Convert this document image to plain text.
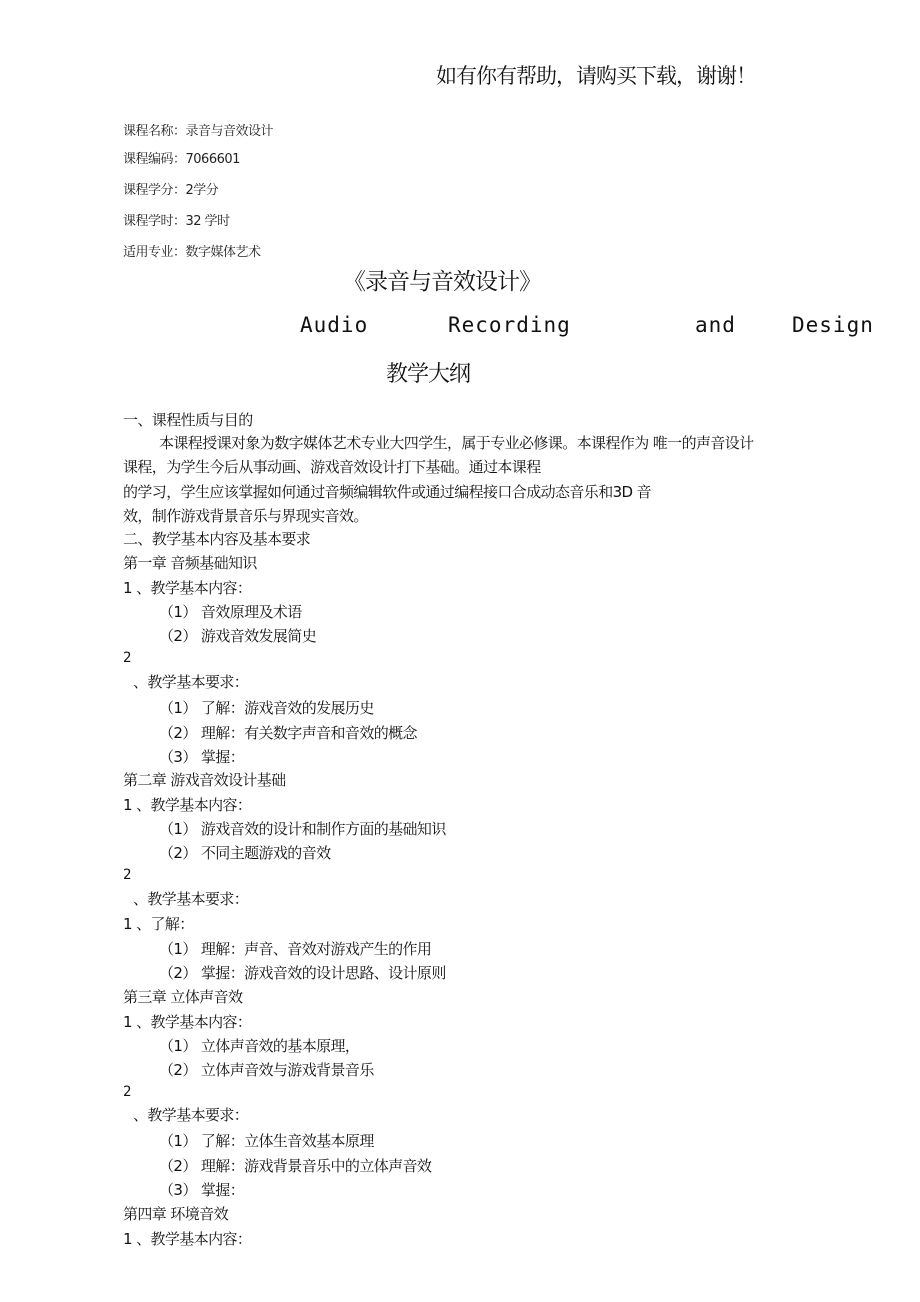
如有你有帮助，请购买下载，谢谢！

课程名称：录音与音效设计

课程编码：7066601

课程学分：2学分

课程学时：32 学时

适用专业：数字媒体艺术

《录音与音效设计》

Audio	Recording	and	Design

教学大纲

一、课程性质与目的

本课程授课对象为数字媒体艺术专业大四学生，属于专业必修课。本课程作为 唯一的声音设计

课程，为学生今后从事动画、游戏音效设计打下基础。通过本课程

的学习，学生应该掌握如何通过音频编辑软件或通过编程接口合成动态音乐和3D 音

效，制作游戏背景音乐与界现实音效。

二、教学基本内容及基本要求

第一章 音频基础知识

1 、教学基本内容：

（1） 音效原理及术语

（2） 游戏音效发展简史

2

、教学基本要求：

（1） 了解：游戏音效的发展历史

（2） 理解：有关数字声音和音效的概念

（3） 掌握：

第二章 游戏音效设计基础

1 、教学基本内容：

（1） 游戏音效的设计和制作方面的基础知识

（2） 不同主题游戏的音效

2

、教学基本要求：

1 、了解：

（1） 理解：声音、音效对游戏产生的作用

（2） 掌握：游戏音效的设计思路、设计原则

第三章 立体声音效

1 、教学基本内容：

（1） 立体声音效的基本原理，

（2） 立体声音效与游戏背景音乐

2

、教学基本要求：

（1） 了解：立体生音效基本原理

（2） 理解：游戏背景音乐中的立体声音效

（3） 掌握：

第四章 环境音效

1 、教学基本内容：
